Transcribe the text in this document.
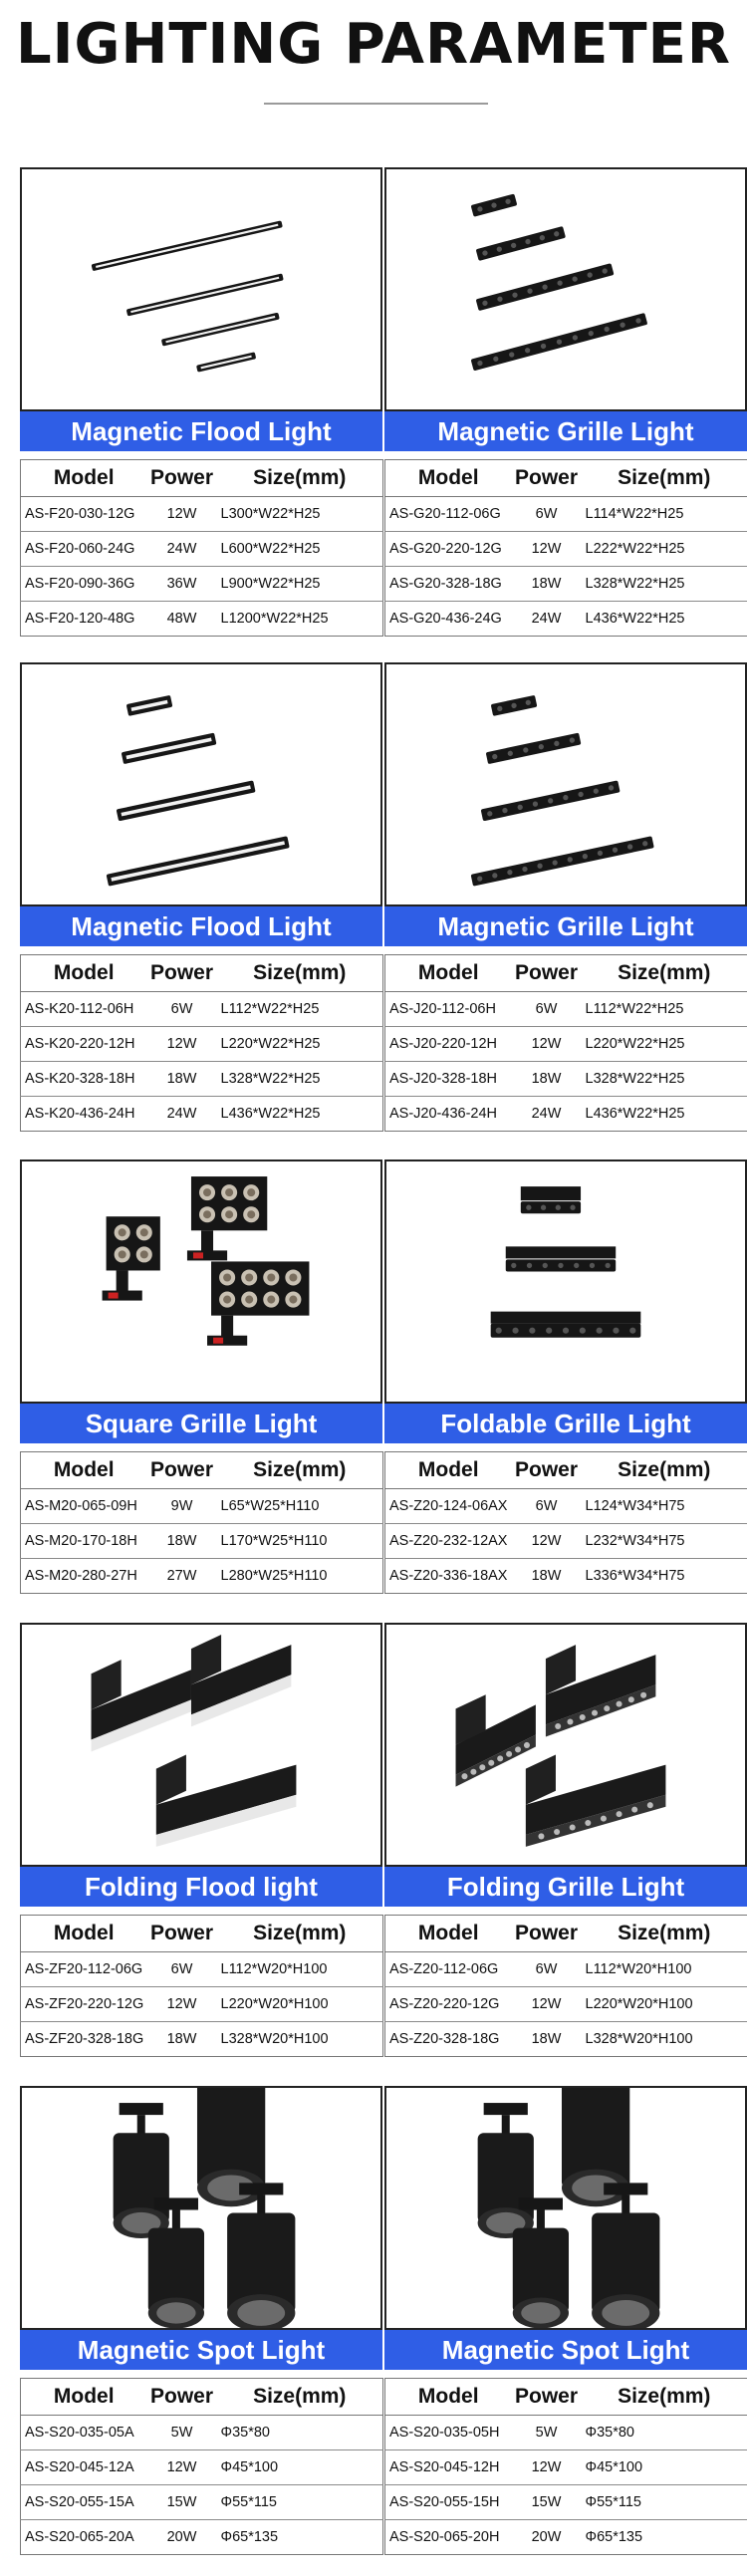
LIGHTING PARAMETER
Magnetic Flood Light
Model	Power	Size(mm)
AS-F20-030-12G	12W	L300*W22*H25
AS-F20-060-24G	24W	L600*W22*H25
AS-F20-090-36G	36W	L900*W22*H25
AS-F20-120-48G	48W	L1200*W22*H25
Magnetic Grille Light
Model	Power	Size(mm)
AS-G20-112-06G	6W	L114*W22*H25
AS-G20-220-12G	12W	L222*W22*H25
AS-G20-328-18G	18W	L328*W22*H25
AS-G20-436-24G	24W	L436*W22*H25
Magnetic Flood Light
Model	Power	Size(mm)
AS-K20-112-06H	6W	L112*W22*H25
AS-K20-220-12H	12W	L220*W22*H25
AS-K20-328-18H	18W	L328*W22*H25
AS-K20-436-24H	24W	L436*W22*H25
Magnetic Grille Light
Model	Power	Size(mm)
AS-J20-112-06H	6W	L112*W22*H25
AS-J20-220-12H	12W	L220*W22*H25
AS-J20-328-18H	18W	L328*W22*H25
AS-J20-436-24H	24W	L436*W22*H25
Square Grille Light
Model	Power	Size(mm)
AS-M20-065-09H	9W	L65*W25*H110
AS-M20-170-18H	18W	L170*W25*H110
AS-M20-280-27H	27W	L280*W25*H110
Foldable Grille Light
Model	Power	Size(mm)
AS-Z20-124-06AX	6W	L124*W34*H75
AS-Z20-232-12AX	12W	L232*W34*H75
AS-Z20-336-18AX	18W	L336*W34*H75
Folding Flood light
Model	Power	Size(mm)
AS-ZF20-112-06G	6W	L112*W20*H100
AS-ZF20-220-12G	12W	L220*W20*H100
AS-ZF20-328-18G	18W	L328*W20*H100
Folding Grille Light
Model	Power	Size(mm)
AS-Z20-112-06G	6W	L112*W20*H100
AS-Z20-220-12G	12W	L220*W20*H100
AS-Z20-328-18G	18W	L328*W20*H100
Magnetic Spot Light
Model	Power	Size(mm)
AS-S20-035-05A	5W	Φ35*80
AS-S20-045-12A	12W	Φ45*100
AS-S20-055-15A	15W	Φ55*115
AS-S20-065-20A	20W	Φ65*135
Magnetic Spot Light
Model	Power	Size(mm)
AS-S20-035-05H	5W	Φ35*80
AS-S20-045-12H	12W	Φ45*100
AS-S20-055-15H	15W	Φ55*115
AS-S20-065-20H	20W	Φ65*135
